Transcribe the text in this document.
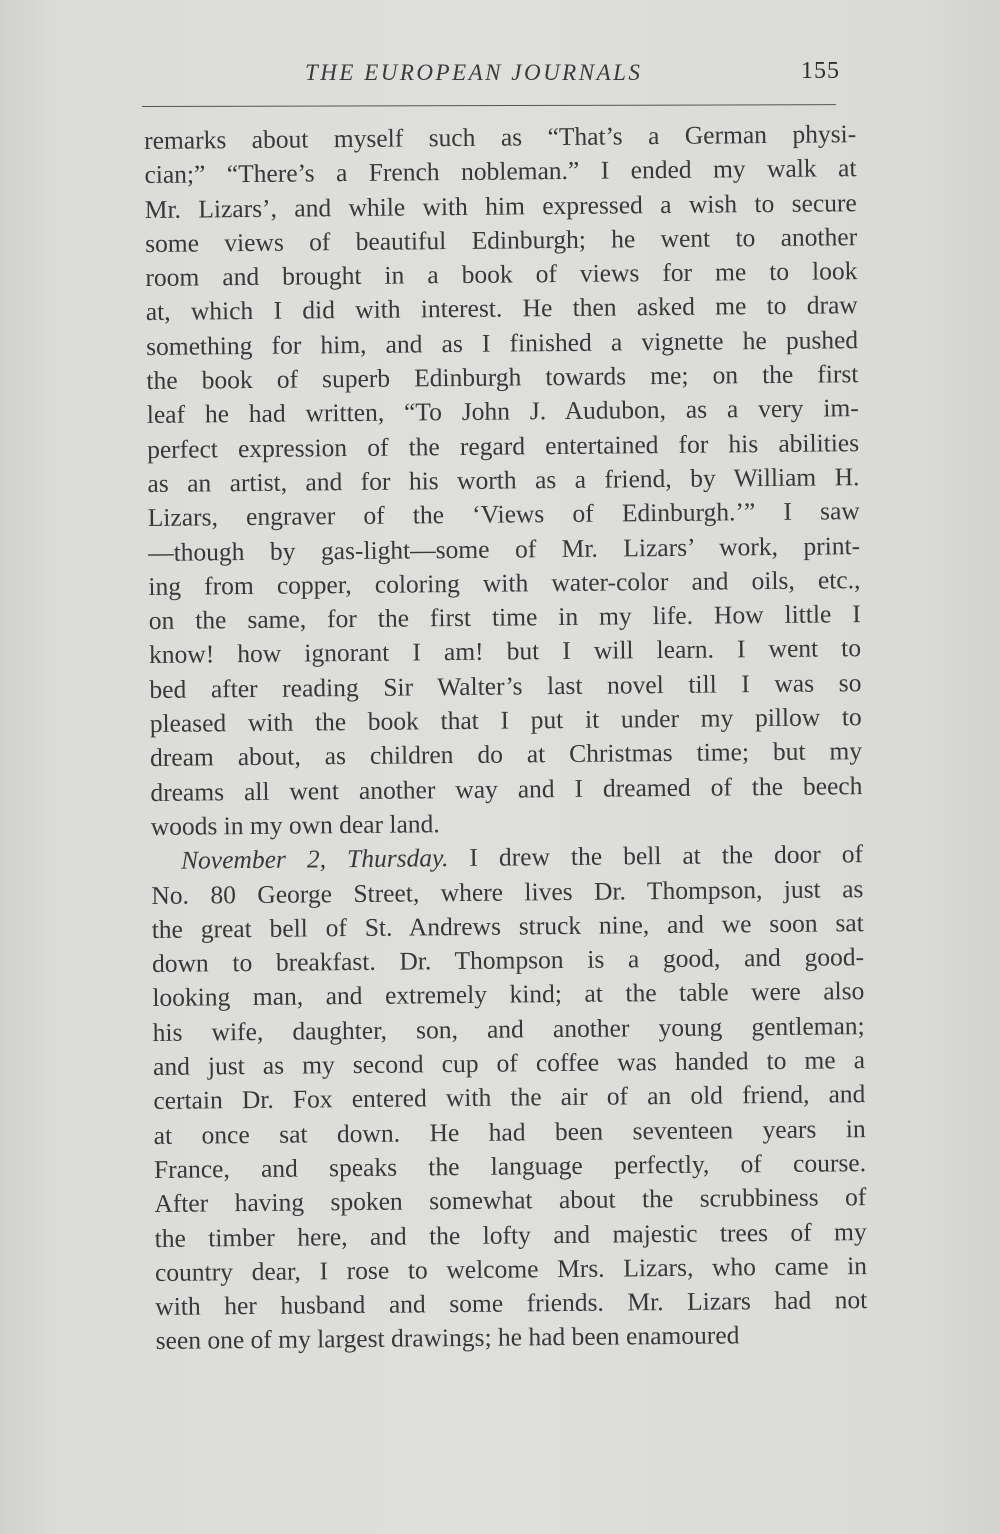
THE EUROPEAN JOURNALS	155
remarks about myself such as “That’s a German physi-
cian;” “There’s a French nobleman.” I ended my walk at
Mr. Lizars’, and while with him expressed a wish to secure
some views of beautiful Edinburgh; he went to another
room and brought in a book of views for me to look
at, which I did with interest. He then asked me to draw
something for him, and as I finished a vignette he pushed
the book of superb Edinburgh towards me; on the first
leaf he had written, “To John J. Audubon, as a very im-
perfect expression of the regard entertained for his abilities
as an artist, and for his worth as a friend, by William H.
Lizars, engraver of the ‘Views of Edinburgh.’” I saw
—though by gas-light—some of Mr. Lizars’ work, print-
ing from copper, coloring with water-color and oils, etc.,
on the same, for the first time in my life. How little I
know! how ignorant I am! but I will learn. I went to
bed after reading Sir Walter’s last novel till I was so
pleased with the book that I put it under my pillow to
dream about, as children do at Christmas time; but my
dreams all went another way and I dreamed of the beech
woods in my own dear land.
November 2, Thursday. I drew the bell at the door of
No. 80 George Street, where lives Dr. Thompson, just as
the great bell of St. Andrews struck nine, and we soon sat
down to breakfast. Dr. Thompson is a good, and good-
looking man, and extremely kind; at the table were also
his wife, daughter, son, and another young gentleman;
and just as my second cup of coffee was handed to me a
certain Dr. Fox entered with the air of an old friend, and
at once sat down. He had been seventeen years in
France, and speaks the language perfectly, of course.
After having spoken somewhat about the scrubbiness of
the timber here, and the lofty and majestic trees of my
country dear, I rose to welcome Mrs. Lizars, who came in
with her husband and some friends. Mr. Lizars had not
seen one of my largest drawings; he had been enamoured
